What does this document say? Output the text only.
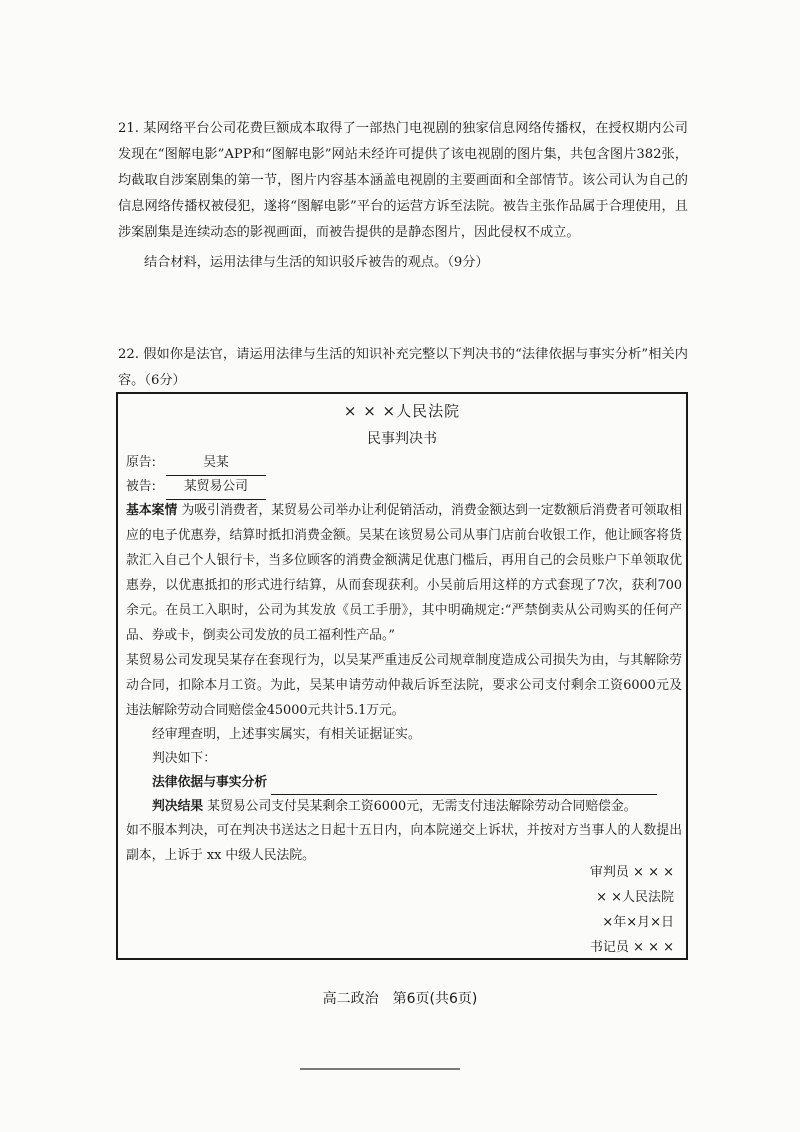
21. 某网络平台公司花费巨额成本取得了一部热门电视剧的独家信息网络传播权，在授权期内公司发现在“图解电影”APP和“图解电影”网站未经许可提供了该电视剧的图片集，共包含图片382张，均截取自涉案剧集的第一节，图片内容基本涵盖电视剧的主要画面和全部情节。该公司认为自己的信息网络传播权被侵犯，遂将“图解电影”平台的运营方诉至法院。被告主张作品属于合理使用，且涉案剧集是连续动态的影视画面，而被告提供的是静态图片，因此侵权不成立。
结合材料，运用法律与生活的知识驳斥被告的观点。（9分）
22. 假如你是法官，请运用法律与生活的知识补充完整以下判决书的“法律依据与事实分析”相关内容。（6分）
× × ×人民法院
民事判决书
原告:	吴某
被告: 某贸易公司
基本案情 为吸引消费者，某贸易公司举办让利促销活动，消费金额达到一定数额后消费者可领取相应的电子优惠券，结算时抵扣消费金额。吴某在该贸易公司从事门店前台收银工作，他让顾客将货款汇入自己个人银行卡，当多位顾客的消费金额满足优惠门槛后，再用自己的会员账户下单领取优惠券，以优惠抵扣的形式进行结算，从而套现获利。小吴前后用这样的方式套现了7次，获利700余元。在员工入职时，公司为其发放《员工手册》，其中明确规定:“严禁倒卖从公司购买的任何产品、券或卡，倒卖公司发放的员工福利性产品。”
某贸易公司发现吴某存在套现行为，以吴某严重违反公司规章制度造成公司损失为由，与其解除劳动合同，扣除本月工资。为此，吴某申请劳动仲裁后诉至法院，要求公司支付剩余工资6000元及违法解除劳动合同赔偿金45000元共计5.1万元。
经审理查明，上述事实属实，有相关证据证实。
判决如下：
法律依据与事实分析
判决结果 某贸易公司支付吴某剩余工资6000元，无需支付违法解除劳动合同赔偿金。
如不服本判决，可在判决书送达之日起十五日内，向本院递交上诉状，并按对方当事人的人数提出副本，上诉于 xx 中级人民法院。
审判员 × × ×
× ×人民法院
×年×月×日
书记员 × × ×
高二政治　第6页(共6页)
